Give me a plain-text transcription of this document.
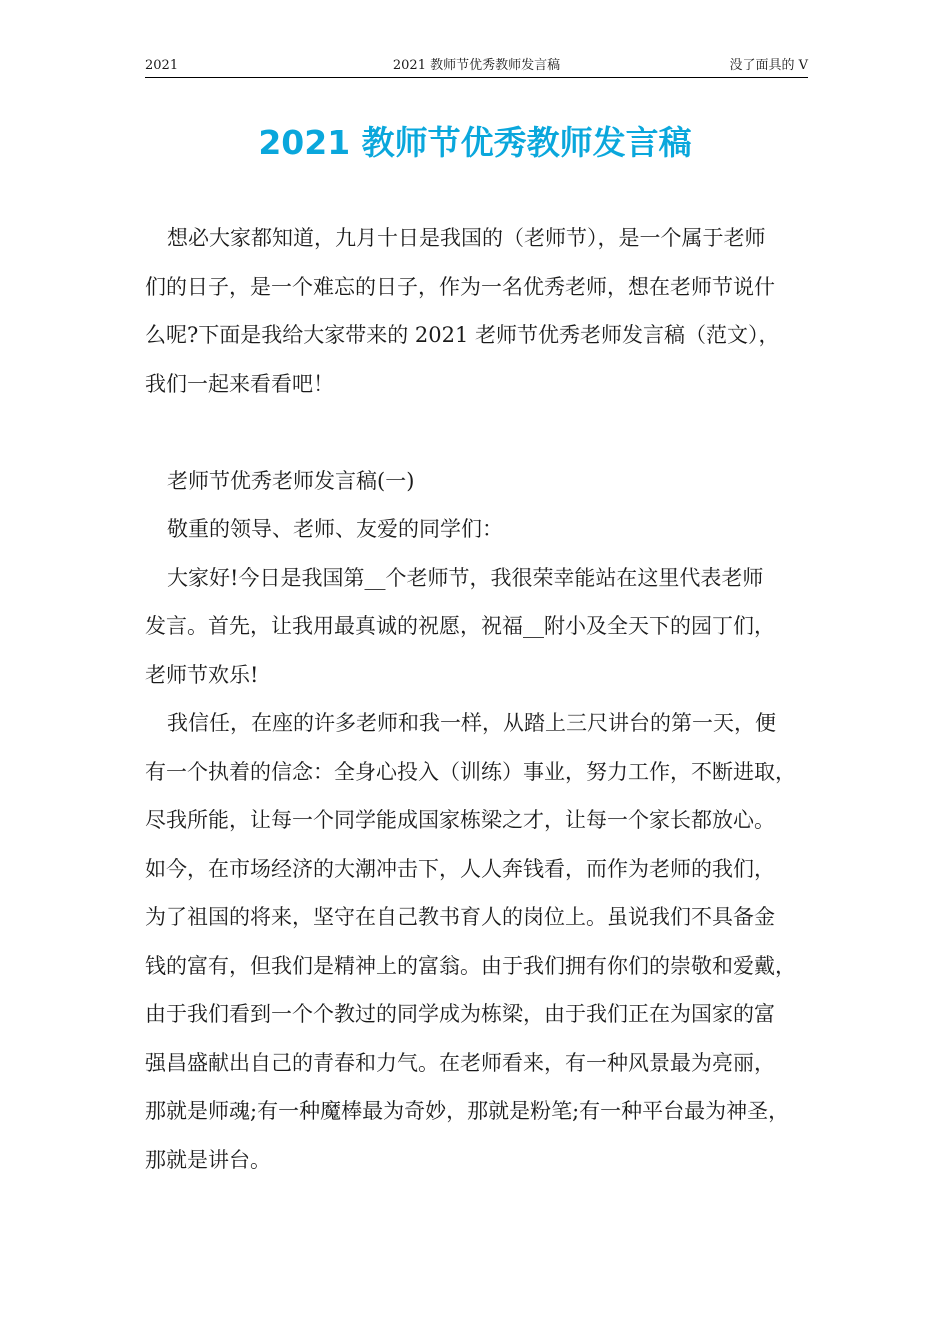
2021	2021 教师节优秀教师发言稿	没了面具的 V
2021 教师节优秀教师发言稿
想必大家都知道，九月十日是我国的（老师节），是一个属于老师
们的日子，是一个难忘的日子，作为一名优秀老师，想在老师节说什
么呢?下面是我给大家带来的 2021 老师节优秀老师发言稿（范文），
我们一起来看看吧！
老师节优秀老师发言稿(一)
敬重的领导、老师、友爱的同学们：
大家好!今日是我国第__个老师节，我很荣幸能站在这里代表老师
发言。首先，让我用最真诚的祝愿，祝福__附小及全天下的园丁们，
老师节欢乐!
我信任，在座的许多老师和我一样，从踏上三尺讲台的第一天，便
有一个执着的信念：全身心投入（训练）事业，努力工作，不断进取，
尽我所能，让每一个同学能成国家栋梁之才，让每一个家长都放心。
如今，在市场经济的大潮冲击下，人人奔钱看，而作为老师的我们，
为了祖国的将来，坚守在自己教书育人的岗位上。虽说我们不具备金
钱的富有，但我们是精神上的富翁。由于我们拥有你们的崇敬和爱戴，
由于我们看到一个个教过的同学成为栋梁，由于我们正在为国家的富
强昌盛献出自己的青春和力气。在老师看来，有一种风景最为亮丽，
那就是师魂;有一种魔棒最为奇妙，那就是粉笔;有一种平台最为神圣，
那就是讲台。
